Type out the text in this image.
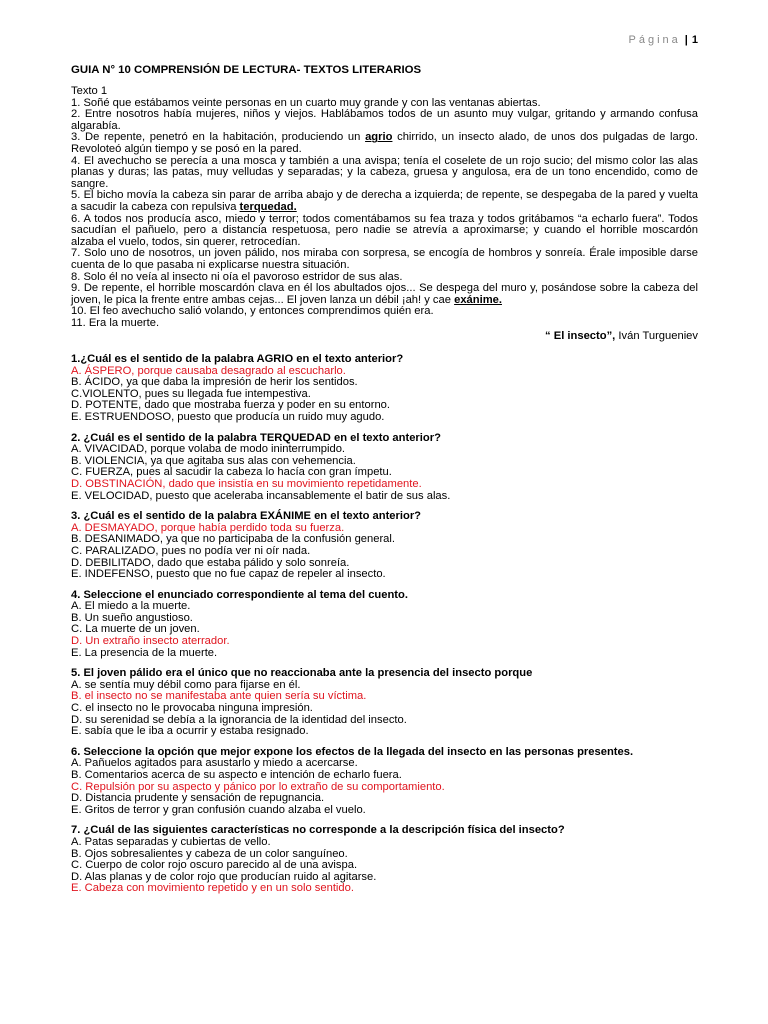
Página | 1
GUIA N° 10 COMPRENSIÓN DE LECTURA- TEXTOS LITERARIOS

Texto 1

1. Soñé que estábamos veinte personas en un cuarto muy grande y con las ventanas abiertas.

2. Entre nosotros había mujeres, niños y viejos. Hablábamos todos de un asunto muy vulgar, gritando y armando confusa algarabía.

3. De repente, penetró en la habitación, produciendo un agrio chirrido, un insecto alado, de unos dos pulgadas de largo. Revoloteó algún tiempo y se posó en la pared.

4. El avechucho se perecía a una mosca y también a una avispa; tenía el coselete de un rojo sucio; del mismo color las alas planas y duras; las patas, muy velludas y separadas; y la cabeza, gruesa y angulosa, era de un tono encendido, como de sangre.

5. El bicho movía la cabeza sin parar de arriba abajo y de derecha a izquierda; de repente, se despegaba de la pared y vuelta a sacudir la cabeza con repulsiva terquedad.

6. A todos nos producía asco, miedo y terror; todos comentábamos su fea traza y todos gritábamos “a echarlo fuera”. Todos sacudían el pañuelo, pero a distancia respetuosa, pero nadie se atrevía a aproximarse; y cuando el horrible moscardón alzaba el vuelo, todos, sin querer, retrocedían.

7. Solo uno de nosotros, un joven pálido, nos miraba con sorpresa, se encogía de hombros y sonreía. Érale imposible darse cuenta de lo que pasaba ni explicarse nuestra situación.

8. Solo él no veía al insecto ni oía el pavoroso estridor de sus alas.

9. De repente, el horrible moscardón clava en él los abultados ojos... Se despega del muro y, posándose sobre la cabeza del joven, le pica la frente entre ambas cejas... El joven lanza un débil ¡ah! y cae exánime.

10. El feo avechucho salió volando, y entonces comprendimos quién era.

11. Era la muerte.

“ El insecto”, Iván Turgueniev

1.¿Cuál es el sentido de la palabra AGRIO en el texto anterior?

A. ÁSPERO, porque causaba desagrado al escucharlo.

B. ÁCIDO, ya que daba la impresión de herir los sentidos.

C.VIOLENTO, pues su llegada fue intempestiva.

D. POTENTE, dado que mostraba fuerza y poder en su entorno.

E. ESTRUENDOSO, puesto que producía un ruido muy agudo.

2. ¿Cuál es el sentido de la palabra TERQUEDAD en el texto anterior?

A. VIVACIDAD, porque volaba de modo ininterrumpido.

B. VIOLENCIA, ya que agitaba sus alas con vehemencia.

C. FUERZA, pues al sacudir la cabeza lo hacía con gran ímpetu.

D. OBSTINACIÓN, dado que insistía en su movimiento repetidamente.

E. VELOCIDAD, puesto que aceleraba incansablemente el batir de sus alas.

3. ¿Cuál es el sentido de la palabra EXÁNIME en el texto anterior?

A. DESMAYADO, porque había perdido toda su fuerza.

B. DESANIMADO, ya que no participaba de la confusión general.

C. PARALIZADO, pues no podía ver ni oír nada.

D. DEBILITADO, dado que estaba pálido y solo sonreía.

E. INDEFENSO, puesto que no fue capaz de repeler al insecto.

4. Seleccione el enunciado correspondiente al tema del cuento.

A. El miedo a la muerte.

B. Un sueño angustioso.

C. La muerte de un joven.

D. Un extraño insecto aterrador.

E. La presencia de la muerte.

5. El joven pálido era el único que no reaccionaba ante la presencia del insecto porque

A. se sentía muy débil como para fijarse en él.

B. el insecto no se manifestaba ante quien sería su víctima.

C. el insecto no le provocaba ninguna impresión.

D. su serenidad se debía a la ignorancia de la identidad del insecto.

E. sabía que le iba a ocurrir y estaba resignado.

6. Seleccione la opción que mejor expone los efectos de la llegada del insecto en las personas presentes.

A. Pañuelos agitados para asustarlo y miedo a acercarse.

B. Comentarios acerca de su aspecto e intención de echarlo fuera.

C. Repulsión por su aspecto y pánico por lo extraño de su comportamiento.

D. Distancia prudente y sensación de repugnancia.

E. Gritos de terror y gran confusión cuando alzaba el vuelo.

7. ¿Cuál de las siguientes características no corresponde a la descripción física del insecto?

A. Patas separadas y cubiertas de vello.

B. Ojos sobresalientes y cabeza de un color sanguíneo.

C. Cuerpo de color rojo oscuro parecido al de una avispa.

D. Alas planas y de color rojo que producían ruido al agitarse.

E. Cabeza con movimiento repetido y en un solo sentido.
